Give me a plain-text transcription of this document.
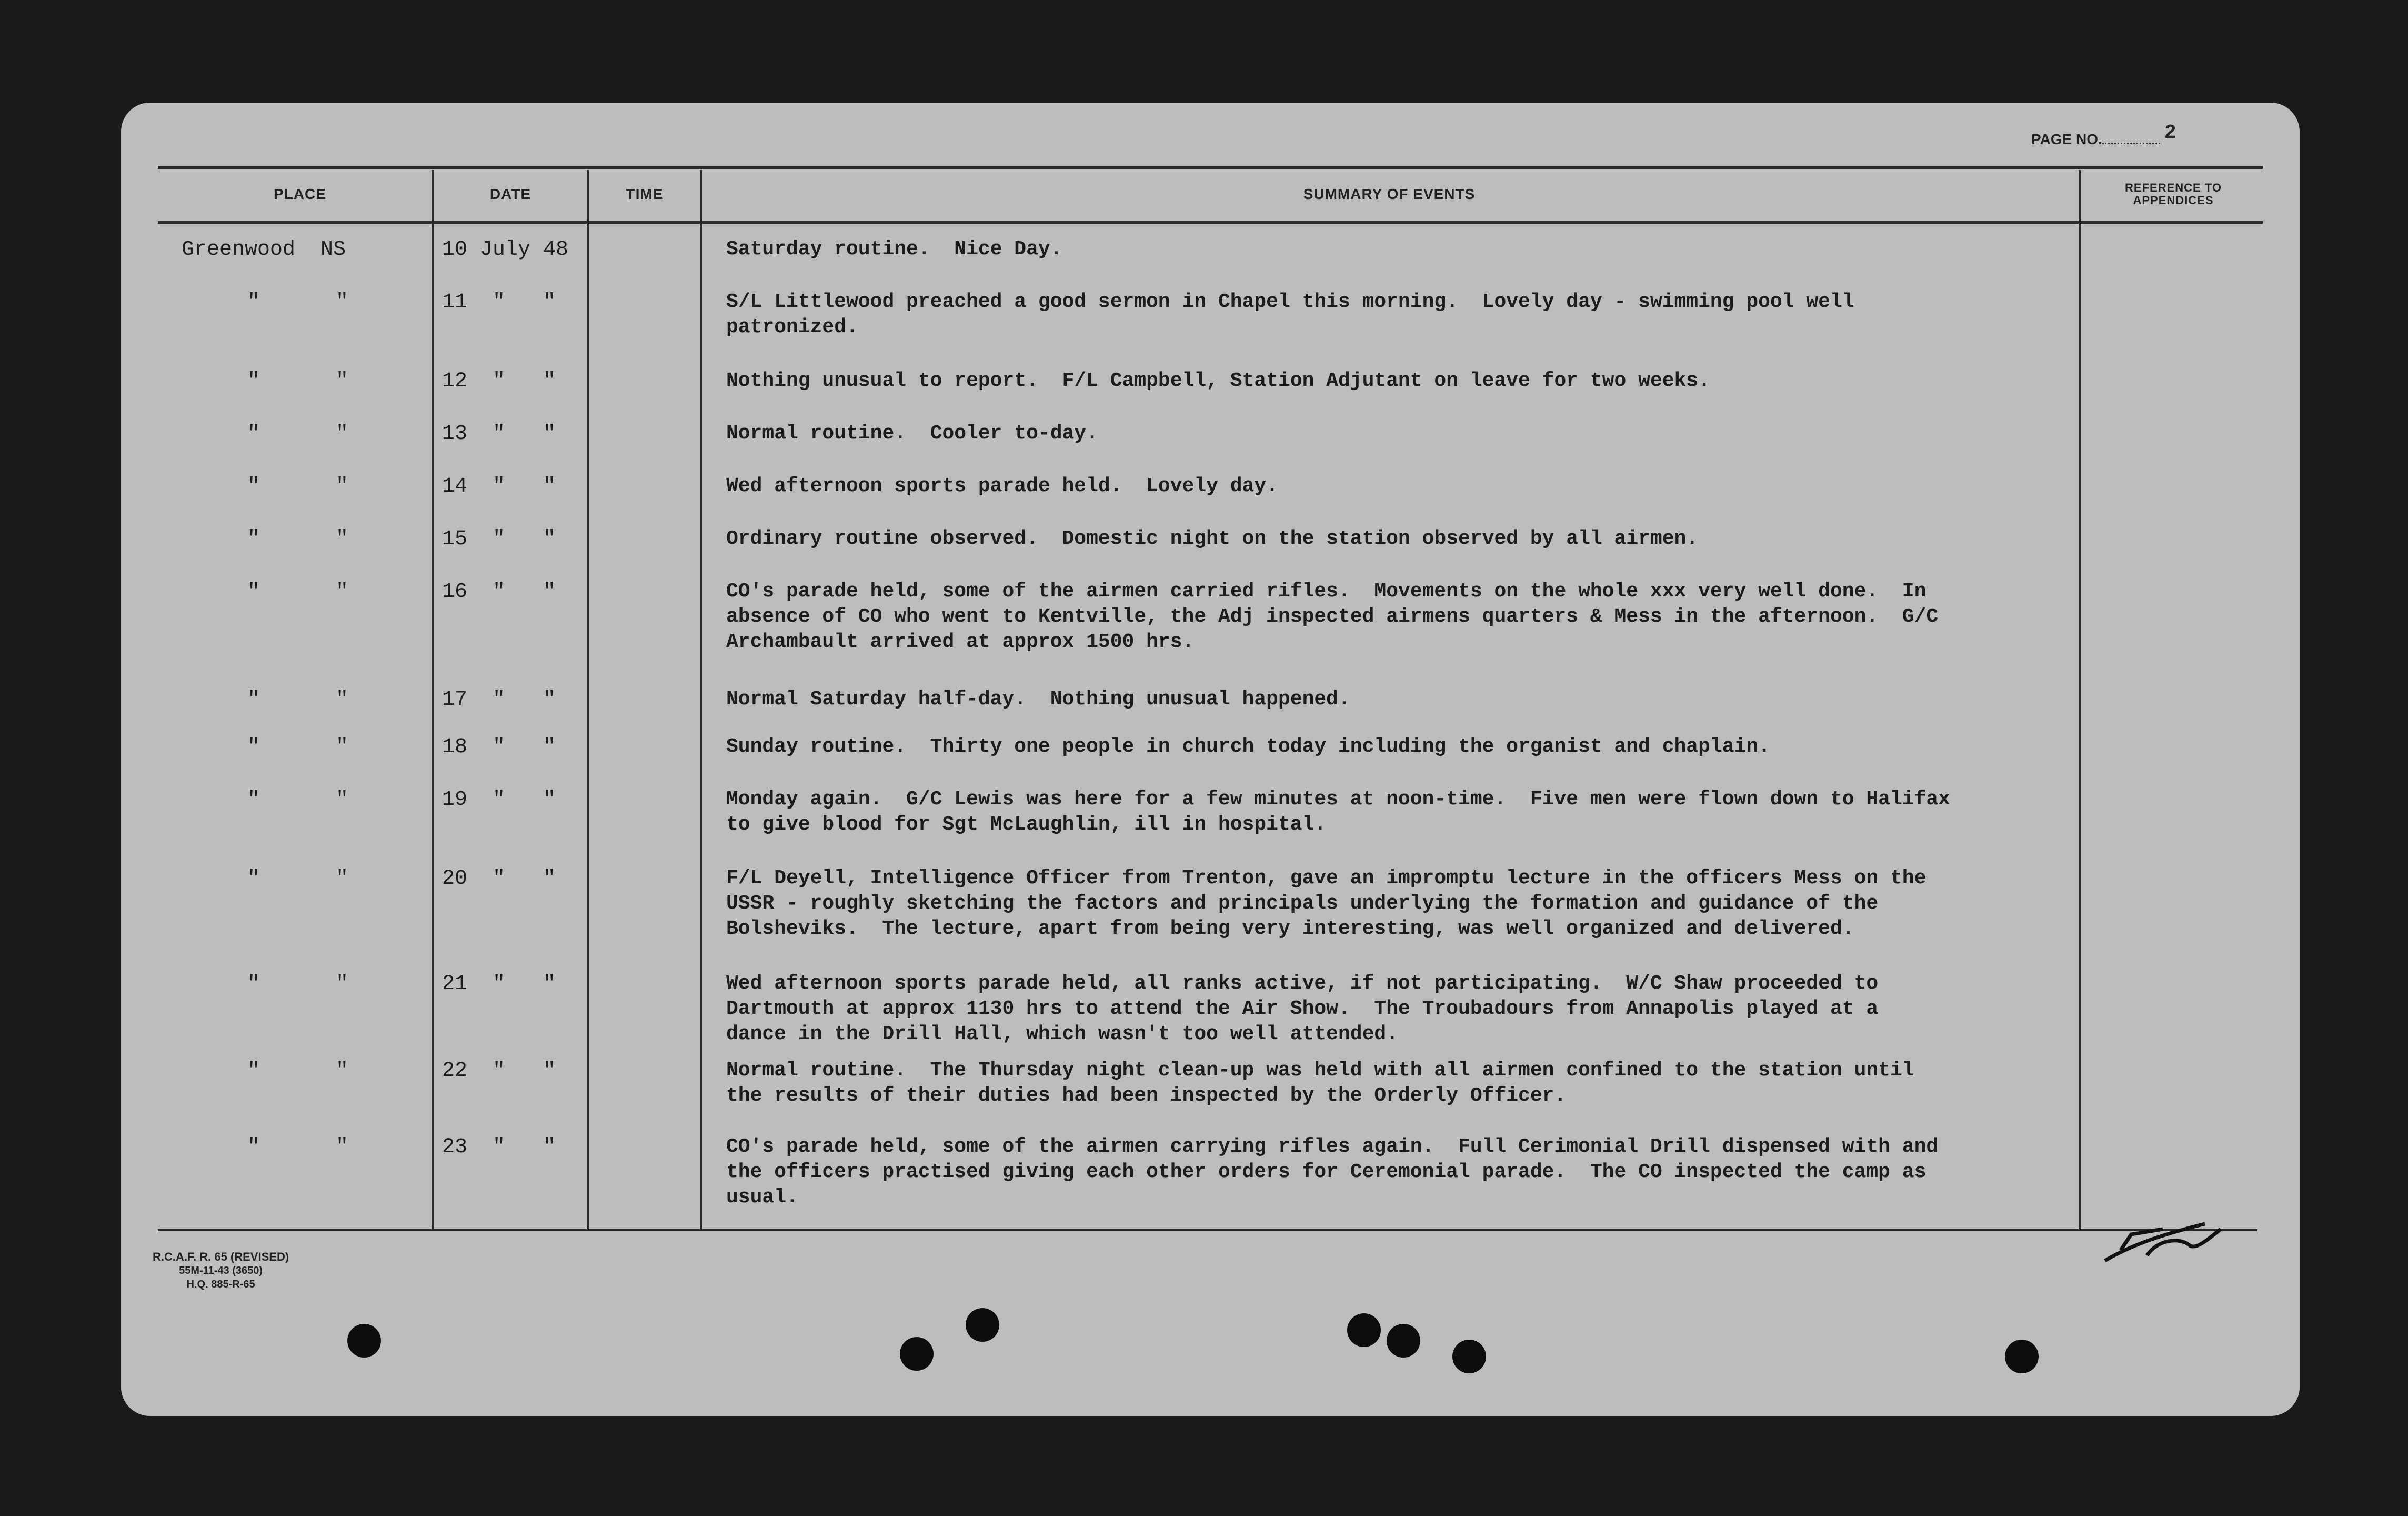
PAGE NO.	2
PLACE	DATE	TIME	SUMMARY OF EVENTS	REFERENCE TO APPENDICES
Greenwood  NS	10 July 48	Saturday routine.  Nice Day.
"      "	11  "   "	S/L Littlewood preached a good sermon in Chapel this morning.  Lovely day - swimming pool well
patronized.
"      "	12  "   "	Nothing unusual to report.  F/L Campbell, Station Adjutant on leave for two weeks.
"      "	13  "   "	Normal routine.  Cooler to-day.
"      "	14  "   "	Wed afternoon sports parade held.  Lovely day.
"      "	15  "   "	Ordinary routine observed.  Domestic night on the station observed by all airmen.
"      "	16  "   "	CO's parade held, some of the airmen carried rifles.  Movements on the whole xxx very well done.  In
absence of CO who went to Kentville, the Adj inspected airmens quarters & Mess in the afternoon.  G/C
Archambault arrived at approx 1500 hrs.
"      "	17  "   "	Normal Saturday half-day.  Nothing unusual happened.
"      "	18  "   "	Sunday routine.  Thirty one people in church today including the organist and chaplain.
"      "	19  "   "	Monday again.  G/C Lewis was here for a few minutes at noon-time.  Five men were flown down to Halifax
to give blood for Sgt McLaughlin, ill in hospital.
"      "	20  "   "	F/L Deyell, Intelligence Officer from Trenton, gave an impromptu lecture in the officers Mess on the
USSR - roughly sketching the factors and principals underlying the formation and guidance of the
Bolsheviks.  The lecture, apart from being very interesting, was well organized and delivered.
"      "	21  "   "	Wed afternoon sports parade held, all ranks active, if not participating.  W/C Shaw proceeded to
Dartmouth at approx 1130 hrs to attend the Air Show.  The Troubadours from Annapolis played at a
dance in the Drill Hall, which wasn't too well attended.
"      "	22  "   "	Normal routine.  The Thursday night clean-up was held with all airmen confined to the station until
the results of their duties had been inspected by the Orderly Officer.
"      "	23  "   "	CO's parade held, some of the airmen carrying rifles again.  Full Cerimonial Drill dispensed with and
the officers practised giving each other orders for Ceremonial parade.  The CO inspected the camp as
usual.
R.C.A.F. R. 65 (REVISED)
55M-11-43 (3650)
H.Q. 885-R-65
